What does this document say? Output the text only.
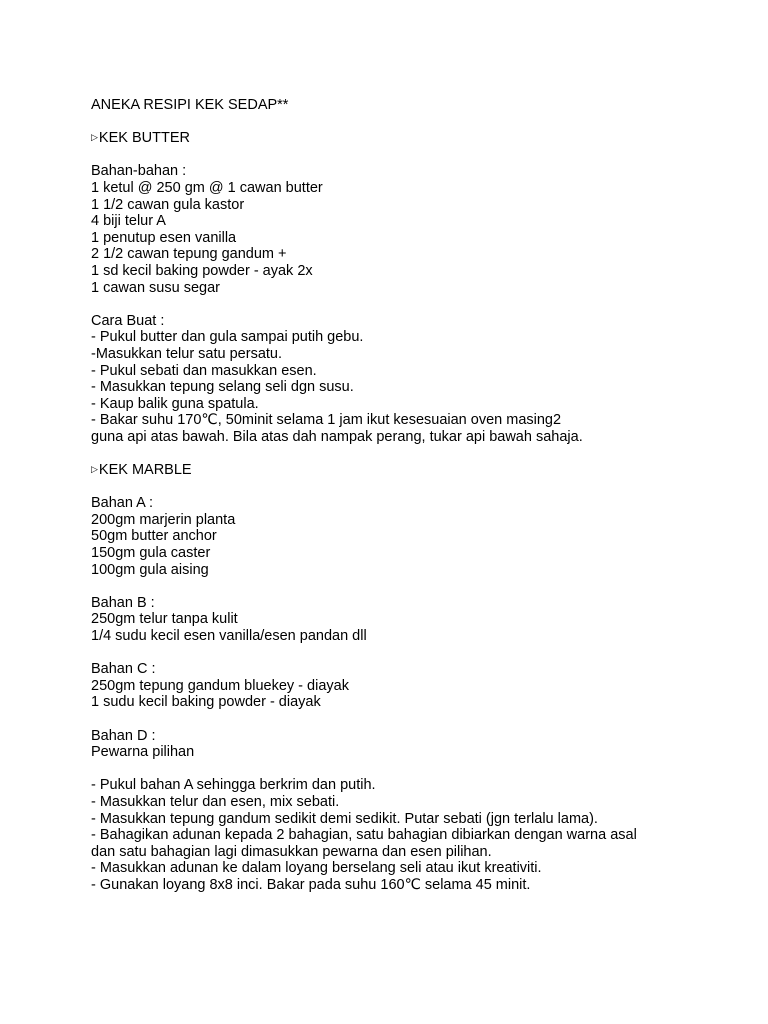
ANEKA RESIPI KEK SEDAP**
▷ KEK BUTTER
Bahan-bahan :
1 ketul @ 250 gm @ 1 cawan butter
1 1/2 cawan gula kastor
4 biji telur A
1 penutup esen vanilla
2 1/2 cawan tepung gandum +
1 sd kecil baking powder - ayak 2x
1 cawan susu segar
Cara Buat :
- Pukul butter dan gula sampai putih gebu.
-Masukkan telur satu persatu.
- Pukul sebati dan masukkan esen.
- Masukkan tepung selang seli dgn susu.
- Kaup balik guna spatula.
- Bakar suhu 170℃, 50minit selama 1 jam ikut kesesuaian oven masing2
guna api atas bawah. Bila atas dah nampak perang, tukar api bawah sahaja.
▷ KEK MARBLE
Bahan A :
200gm marjerin planta
50gm butter anchor
150gm gula caster
100gm gula aising
Bahan B :
250gm telur tanpa kulit
1/4 sudu kecil esen vanilla/esen pandan dll
Bahan C :
250gm tepung gandum bluekey - diayak
1 sudu kecil baking powder - diayak
Bahan D :
Pewarna pilihan
- Pukul bahan A sehingga berkrim dan putih.
- Masukkan telur dan esen, mix sebati.
- Masukkan tepung gandum sedikit demi sedikit. Putar sebati (jgn terlalu lama).
- Bahagikan adunan kepada 2 bahagian, satu bahagian dibiarkan dengan warna asal
dan satu bahagian lagi dimasukkan pewarna dan esen pilihan.
- Masukkan adunan ke dalam loyang berselang seli atau ikut kreativiti.
- Gunakan loyang 8x8 inci. Bakar pada suhu 160℃ selama 45 minit.
